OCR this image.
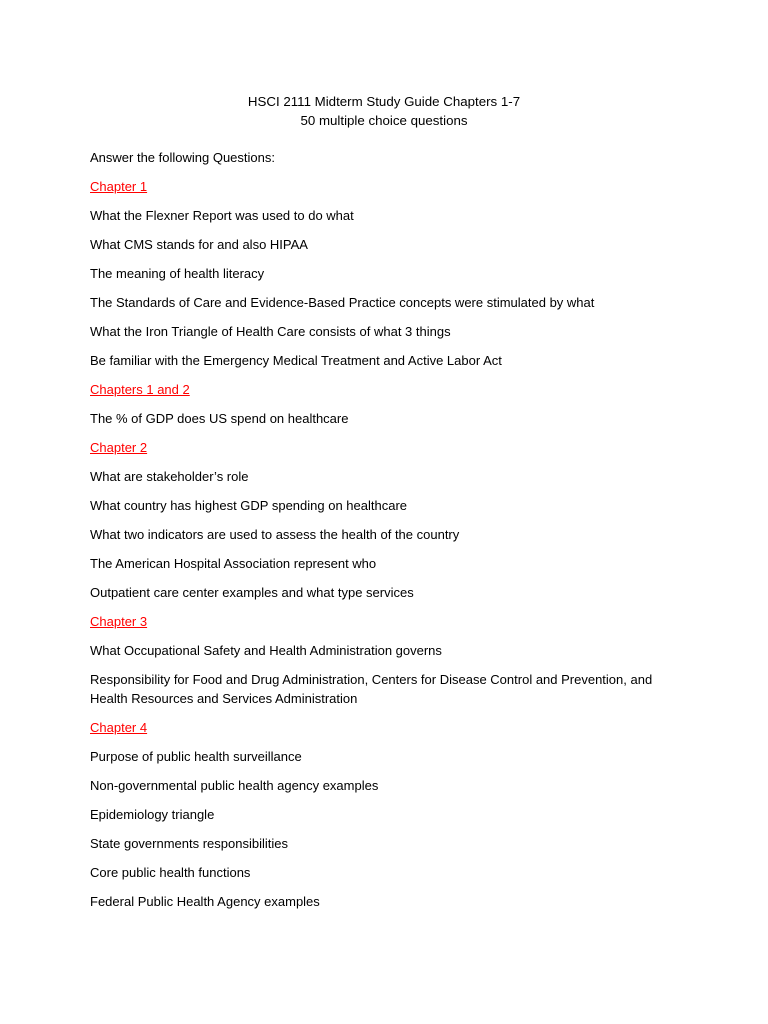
HSCI 2111 Midterm Study Guide Chapters 1-7
50 multiple choice questions
Answer the following Questions:
Chapter 1
What the Flexner Report was used to do what
What CMS stands for and also HIPAA
The meaning of health literacy
The Standards of Care and Evidence-Based Practice concepts were stimulated by what
What the Iron Triangle of Health Care consists of what 3 things
Be familiar with the Emergency Medical Treatment and Active Labor Act
Chapters 1 and 2
The % of GDP does US spend on healthcare
Chapter 2
What are stakeholder’s role
What country has highest GDP spending on healthcare
What two indicators are used to assess the health of the country
The American Hospital Association represent who
Outpatient care center examples and what type services
Chapter 3
What Occupational Safety and Health Administration governs
Responsibility for Food and Drug Administration, Centers for Disease Control and Prevention, and Health Resources and Services Administration
Chapter 4
Purpose of public health surveillance
Non-governmental public health agency examples
Epidemiology triangle
State governments responsibilities
Core public health functions
Federal Public Health Agency examples
